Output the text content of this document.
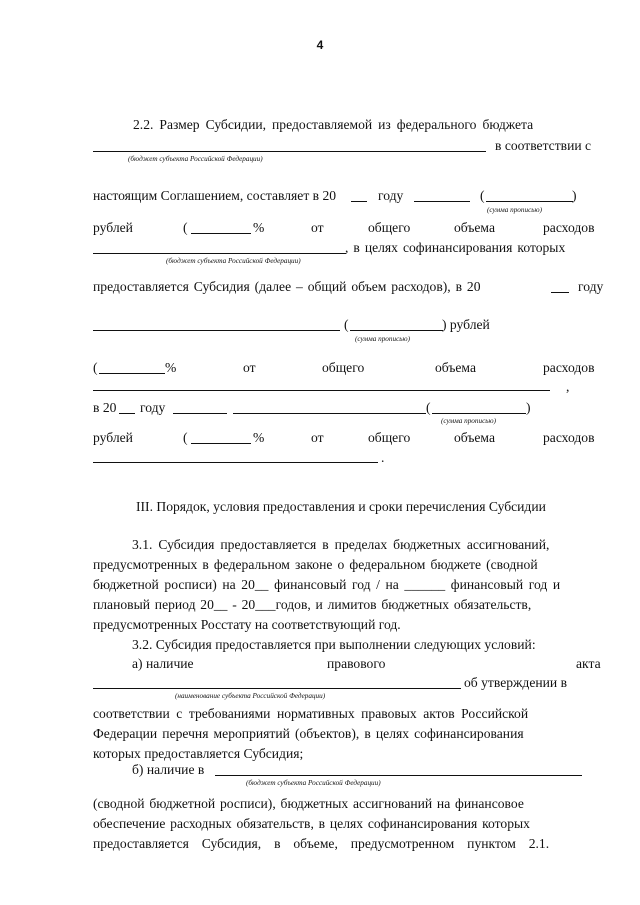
4
2.2. Размер Субсидии, предоставляемой из федерального бюджета
в соответствии с
(бюджет субъекта Российской Федерации)
настоящим Соглашением, составляет в 20	году	(	)
(сумма прописью)
рублей	(	%	от	общего	объема	расходов
, в целях софинансирования которых
(бюджет субъекта Российской Федерации)
предоставляется Субсидия (далее – общий объем расходов), в 20	году
(	) рублей
(сумма прописью)
(	%	от	общего	объема	расходов
,
в 20 году	(	)
(сумма прописью)
рублей	(	%	от	общего	объема	расходов
.
III. Порядок, условия предоставления и сроки перечисления Субсидии
3.1. Субсидия предоставляется в пределах бюджетных ассигнований,
предусмотренных в федеральном законе о федеральном бюджете (сводной
бюджетной росписи) на 20__ финансовый год / на ______ финансовый год и
плановый период 20__ - 20___годов, и лимитов бюджетных обязательств,
предусмотренных Росстату на соответствующий год.
3.2. Субсидия предоставляется при выполнении следующих условий:
а) наличие	правового	акта
об утверждении в
(наименование субъекта Российской Федерации)
соответствии с требованиями нормативных правовых актов Российской
Федерации перечня мероприятий (объектов), в целях софинансирования
которых предоставляется Субсидия;
б) наличие в
(бюджет субъекта Российской Федерации)
(сводной бюджетной росписи), бюджетных ассигнований на финансовое
обеспечение расходных обязательств, в целях софинансирования которых
предоставляется Субсидия, в объеме, предусмотренном пунктом 2.1.
